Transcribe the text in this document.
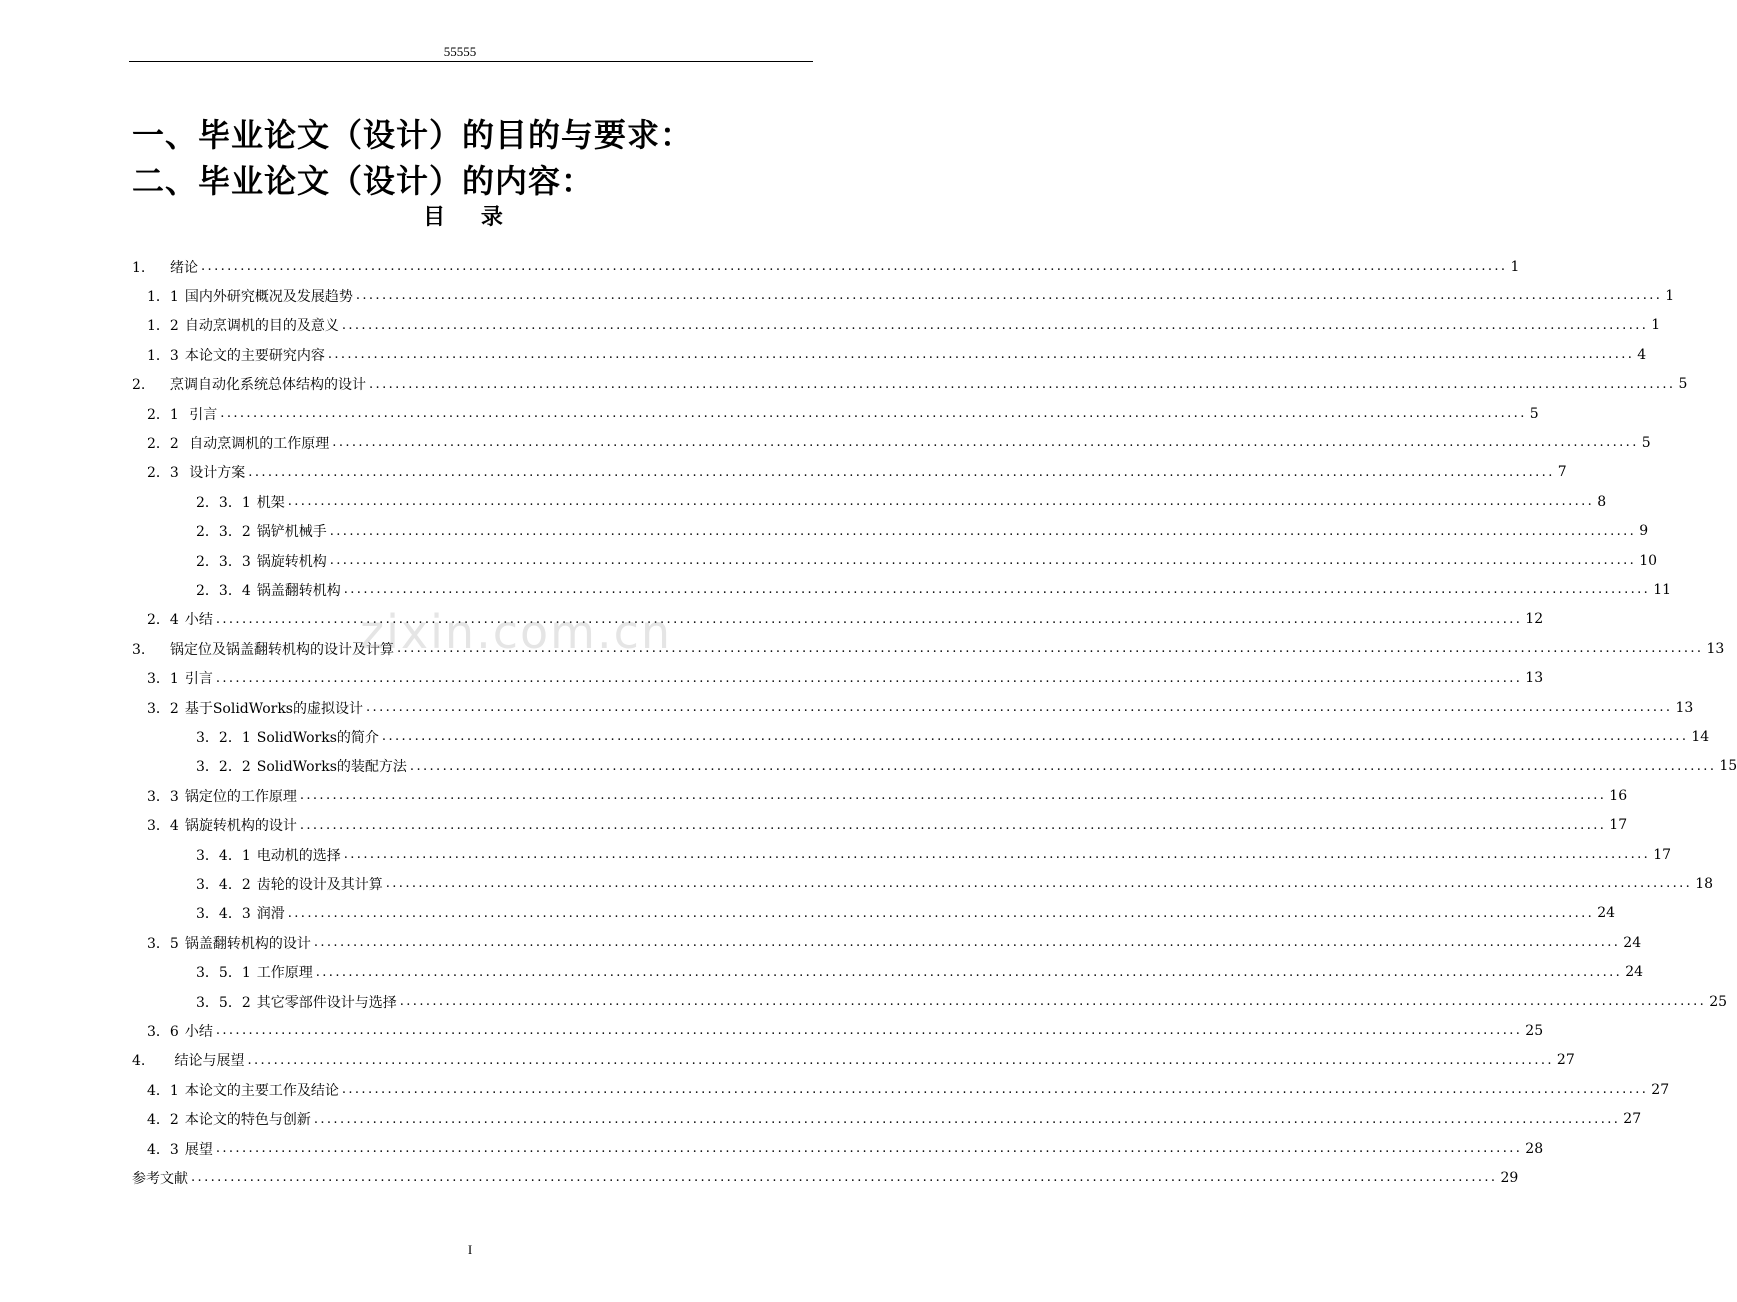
55555
一、毕业论文（设计）的目的与要求：
二、毕业论文（设计）的内容：
目 录
1. 绪论 ........................................................................................................................................................................................................ 1
1．1 国内外研究概况及发展趋势 ........................................................................................................................................................................................................ 1
1．2 自动烹调机的目的及意义 ........................................................................................................................................................................................................ 1
1．3 本论文的主要研究内容 ........................................................................................................................................................................................................ 4
2. 烹调自动化系统总体结构的设计 ........................................................................................................................................................................................................ 5
2．1 引言 ........................................................................................................................................................................................................ 5
2．2 自动烹调机的工作原理 ........................................................................................................................................................................................................ 5
2．3 设计方案 ........................................................................................................................................................................................................ 7
2．3．1 机架 ........................................................................................................................................................................................................ 8
2．3．2 锅铲机械手 ........................................................................................................................................................................................................ 9
2．3．3 锅旋转机构 ........................................................................................................................................................................................................ 10
2．3．4 锅盖翻转机构 ........................................................................................................................................................................................................ 11
2．4 小结 ........................................................................................................................................................................................................ 12
3. 锅定位及锅盖翻转机构的设计及计算 ........................................................................................................................................................................................................ 13
3．1 引言 ........................................................................................................................................................................................................ 13
3．2 基于SolidWorks的虚拟设计 ........................................................................................................................................................................................................ 13
3．2．1 SolidWorks的简介 ........................................................................................................................................................................................................ 14
3．2．2 SolidWorks的装配方法 ........................................................................................................................................................................................................ 15
3．3 锅定位的工作原理 ........................................................................................................................................................................................................ 16
3．4 锅旋转机构的设计 ........................................................................................................................................................................................................ 17
3．4．1 电动机的选择 ........................................................................................................................................................................................................ 17
3．4．2 齿轮的设计及其计算 ........................................................................................................................................................................................................ 18
3．4．3 润滑 ........................................................................................................................................................................................................ 24
3．5 锅盖翻转机构的设计 ........................................................................................................................................................................................................ 24
3．5．1 工作原理 ........................................................................................................................................................................................................ 24
3．5．2 其它零部件设计与选择 ........................................................................................................................................................................................................ 25
3．6 小结 ........................................................................................................................................................................................................ 25
4. 结论与展望 ........................................................................................................................................................................................................ 27
4．1 本论文的主要工作及结论 ........................................................................................................................................................................................................ 27
4．2 本论文的特色与创新 ........................................................................................................................................................................................................ 27
4．3 展望 ........................................................................................................................................................................................................ 28
参考文献 ........................................................................................................................................................................................................ 29
zixin.com.cn
I
